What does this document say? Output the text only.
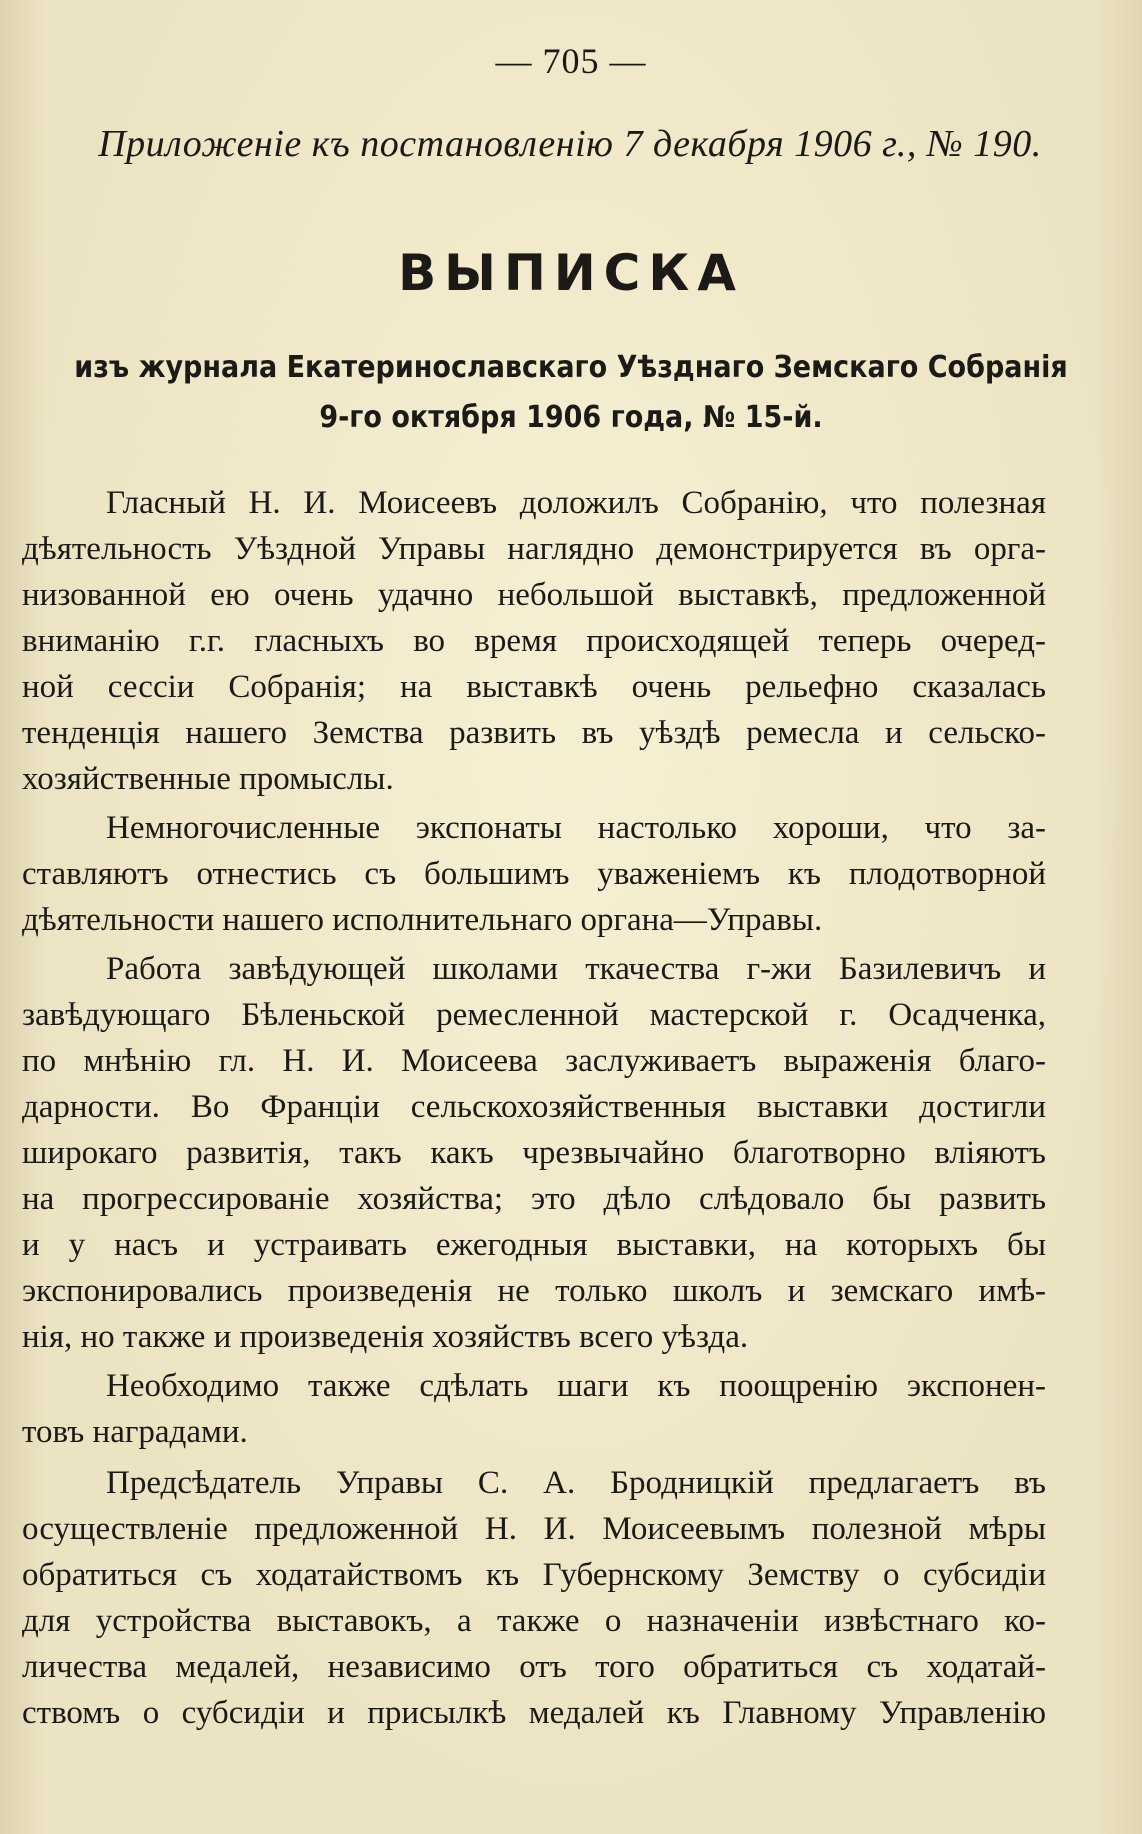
— 705 —
Приложенie къ постановленiю 7 декабря 1906 г., № 190.
ВЫПИСКА
изъ журнала Екатеринославскаго Уѣзднаго Земскаго Собранiя
9-го октября 1906 года, № 15-й.
Гласный Н. И. Моисеевъ доложилъ Собранiю, что полезная
дѣятельность Уѣздной Управы наглядно демонстрируется въ орга-
низованной ею очень удачно небольшой выставкѣ, предложенной
вниманiю г.г. гласныхъ во время происходящей теперь очеред-
ной сессiи Собранiя; на выставкѣ очень рельефно сказалась
тенденцiя нашего Земства развить въ уѣздѣ ремесла и сельско-
хозяйственные промыслы.
Немногочисленные экспонаты настолько хороши, что за-
ставляютъ отнестись съ большимъ уваженiемъ къ плодотворной
дѣятельности нашего исполнительнаго органа—Управы.
Работа завѣдующей школами ткачества г-жи Базилевичъ и
завѣдующаго Бѣленьской ремесленной мастерской г. Осадченка,
по мнѣнiю гл. Н. И. Моисеева заслуживаетъ выраженiя благо-
дарности. Во Францiи сельскохозяйственныя выставки достигли
широкаго развитiя, такъ какъ чрезвычайно благотворно влiяютъ
на прогрессированiе хозяйства; это дѣло слѣдовало бы развить
и у насъ и устраивать ежегодныя выставки, на которыхъ бы
экспонировались произведенiя не только школъ и земскаго имѣ-
нiя, но также и произведенiя хозяйствъ всего уѣзда.
Необходимо также сдѣлать шаги къ поощренiю экспонен-
товъ наградами.
Предсѣдатель Управы С. А. Бродницкiй предлагаетъ въ
осуществленiе предложенной Н. И. Моисеевымъ полезной мѣры
обратиться съ ходатайствомъ къ Губернскому Земству о субсидiи
для устройства выставокъ, а также о назначенiи извѣстнаго ко-
личества медалей, независимо отъ того обратиться съ ходатай-
ствомъ о субсидiи и присылкѣ медалей къ Главному Управленiю
